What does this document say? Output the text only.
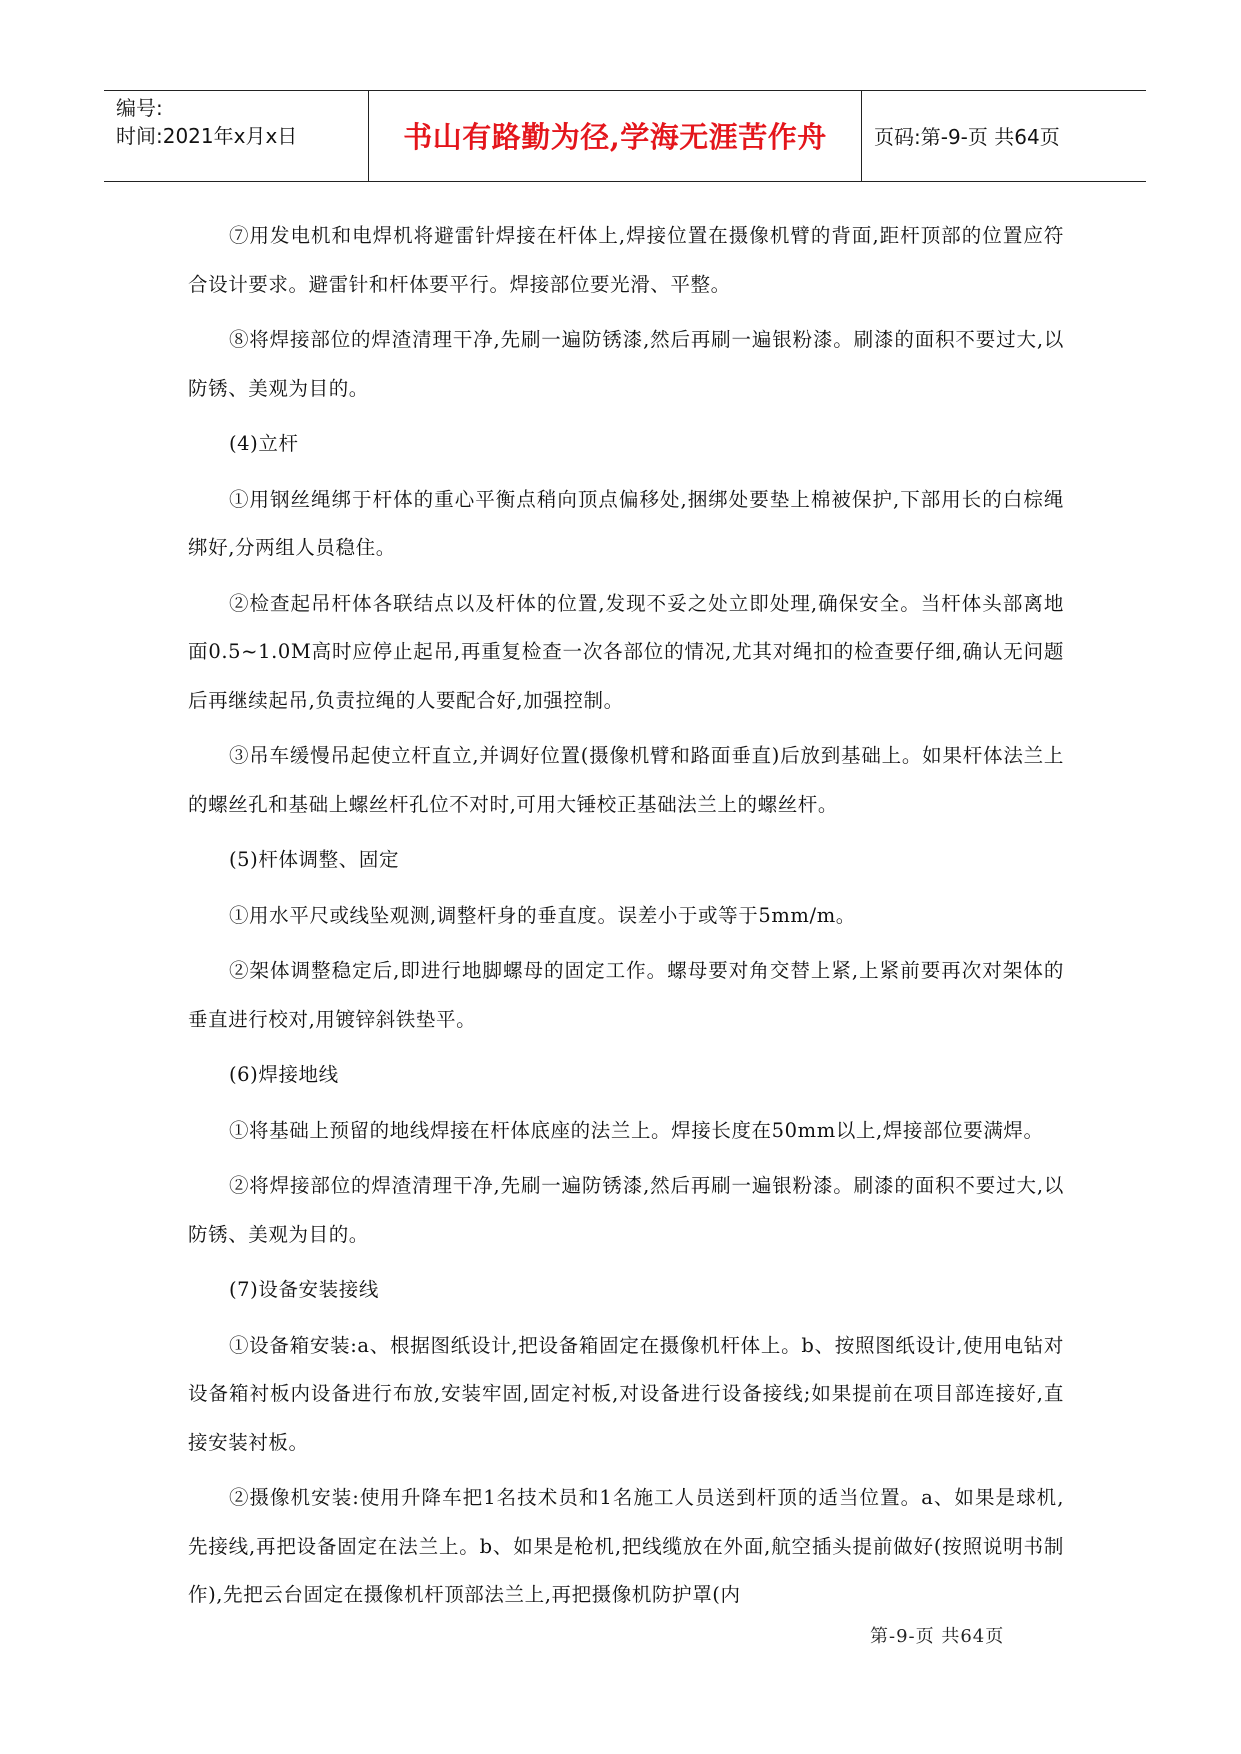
编号:
时间:2021年x月x日	书山有路勤为径,学海无涯苦作舟	页码:第-9-页 共64页

⑦用发电机和电焊机将避雷针焊接在杆体上,焊接位置在摄像机臂的背面,距杆顶部的位置应符合设计要求。避雷针和杆体要平行。焊接部位要光滑、平整。

⑧将焊接部位的焊渣清理干净,先刷一遍防锈漆,然后再刷一遍银粉漆。刷漆的面积不要过大,以防锈、美观为目的。

(4)立杆

①用钢丝绳绑于杆体的重心平衡点稍向顶点偏移处,捆绑处要垫上棉被保护,下部用长的白棕绳绑好,分两组人员稳住。

②检查起吊杆体各联结点以及杆体的位置,发现不妥之处立即处理,确保安全。当杆体头部离地面0.5~1.0M高时应停止起吊,再重复检查一次各部位的情况,尤其对绳扣的检查要仔细,确认无问题后再继续起吊,负责拉绳的人要配合好,加强控制。

③吊车缓慢吊起使立杆直立,并调好位置(摄像机臂和路面垂直)后放到基础上。如果杆体法兰上的螺丝孔和基础上螺丝杆孔位不对时,可用大锤校正基础法兰上的螺丝杆。

(5)杆体调整、固定

①用水平尺或线坠观测,调整杆身的垂直度。误差小于或等于5mm/m。

②架体调整稳定后,即进行地脚螺母的固定工作。螺母要对角交替上紧,上紧前要再次对架体的垂直进行校对,用镀锌斜铁垫平。

(6)焊接地线

①将基础上预留的地线焊接在杆体底座的法兰上。焊接长度在50mm以上,焊接部位要满焊。

②将焊接部位的焊渣清理干净,先刷一遍防锈漆,然后再刷一遍银粉漆。刷漆的面积不要过大,以防锈、美观为目的。

(7)设备安装接线

①设备箱安装:a、根据图纸设计,把设备箱固定在摄像机杆体上。b、按照图纸设计,使用电钻对设备箱衬板内设备进行布放,安装牢固,固定衬板,对设备进行设备接线;如果提前在项目部连接好,直接安装衬板。

②摄像机安装:使用升降车把1名技术员和1名施工人员送到杆顶的适当位置。a、如果是球机,先接线,再把设备固定在法兰上。b、如果是枪机,把线缆放在外面,航空插头提前做好(按照说明书制作),先把云台固定在摄像机杆顶部法兰上,再把摄像机防护罩(内

第-9-页 共64页
